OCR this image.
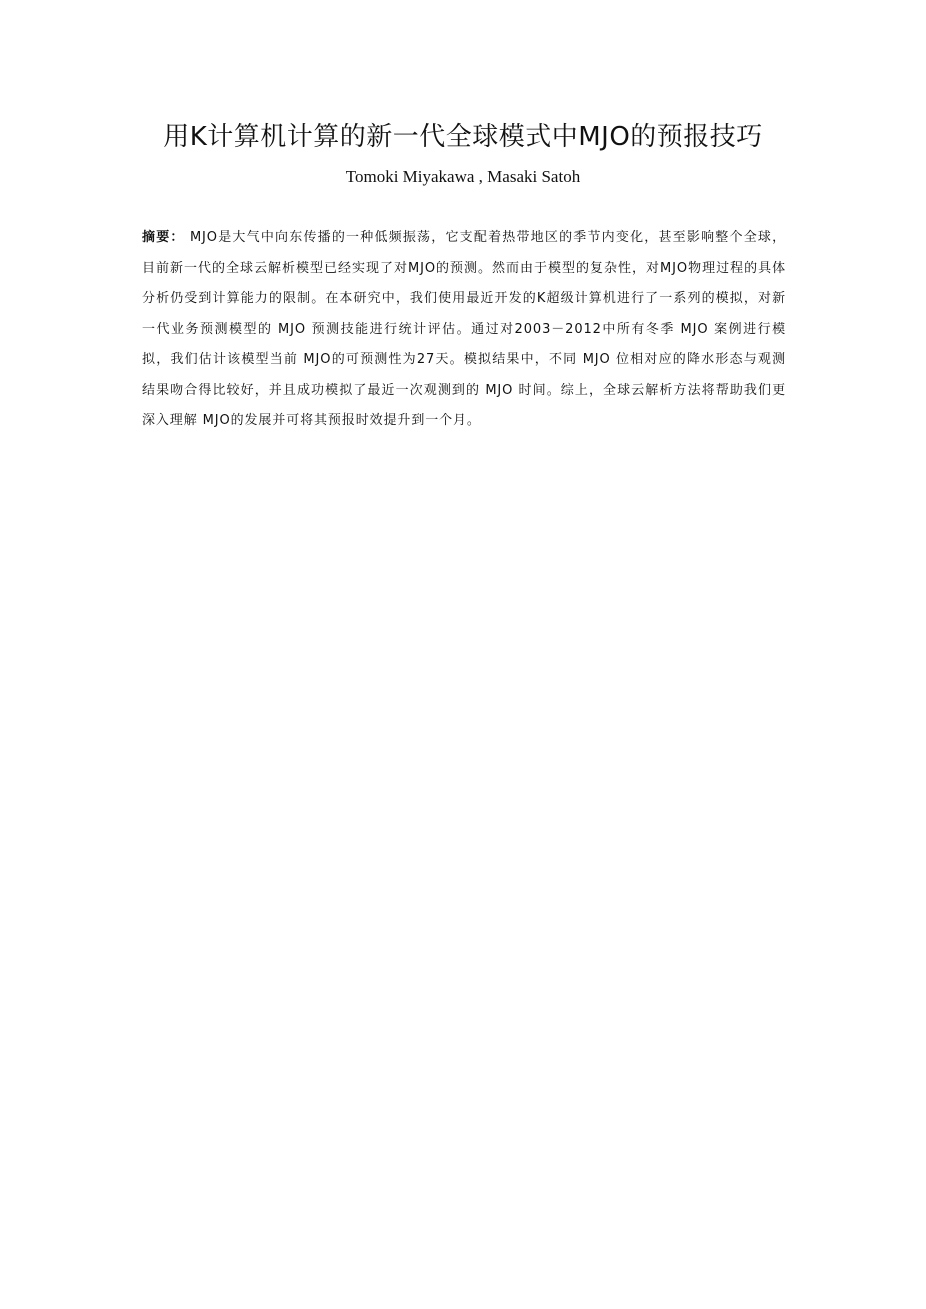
用K计算机计算的新一代全球模式中MJO的预报技巧
Tomoki Miyakawa , Masaki Satoh
摘要： MJO是大气中向东传播的一种低频振荡，它支配着热带地区的季节内变化，甚至影响整个全球，目前新一代的全球云解析模型已经实现了对MJO的预测。然而由于模型的复杂性，对MJO物理过程的具体分析仍受到计算能力的限制。在本研究中，我们使用最近开发的K超级计算机进行了一系列的模拟，对新一代业务预测模型的 MJO 预测技能进行统计评估。通过对2003－2012中所有冬季 MJO 案例进行模拟，我们估计该模型当前 MJO的可预测性为27天。模拟结果中，不同 MJO 位相对应的降水形态与观测结果吻合得比较好，并且成功模拟了最近一次观测到的 MJO 时间。综上，全球云解析方法将帮助我们更深入理解 MJO的发展并可将其预报时效提升到一个月。
